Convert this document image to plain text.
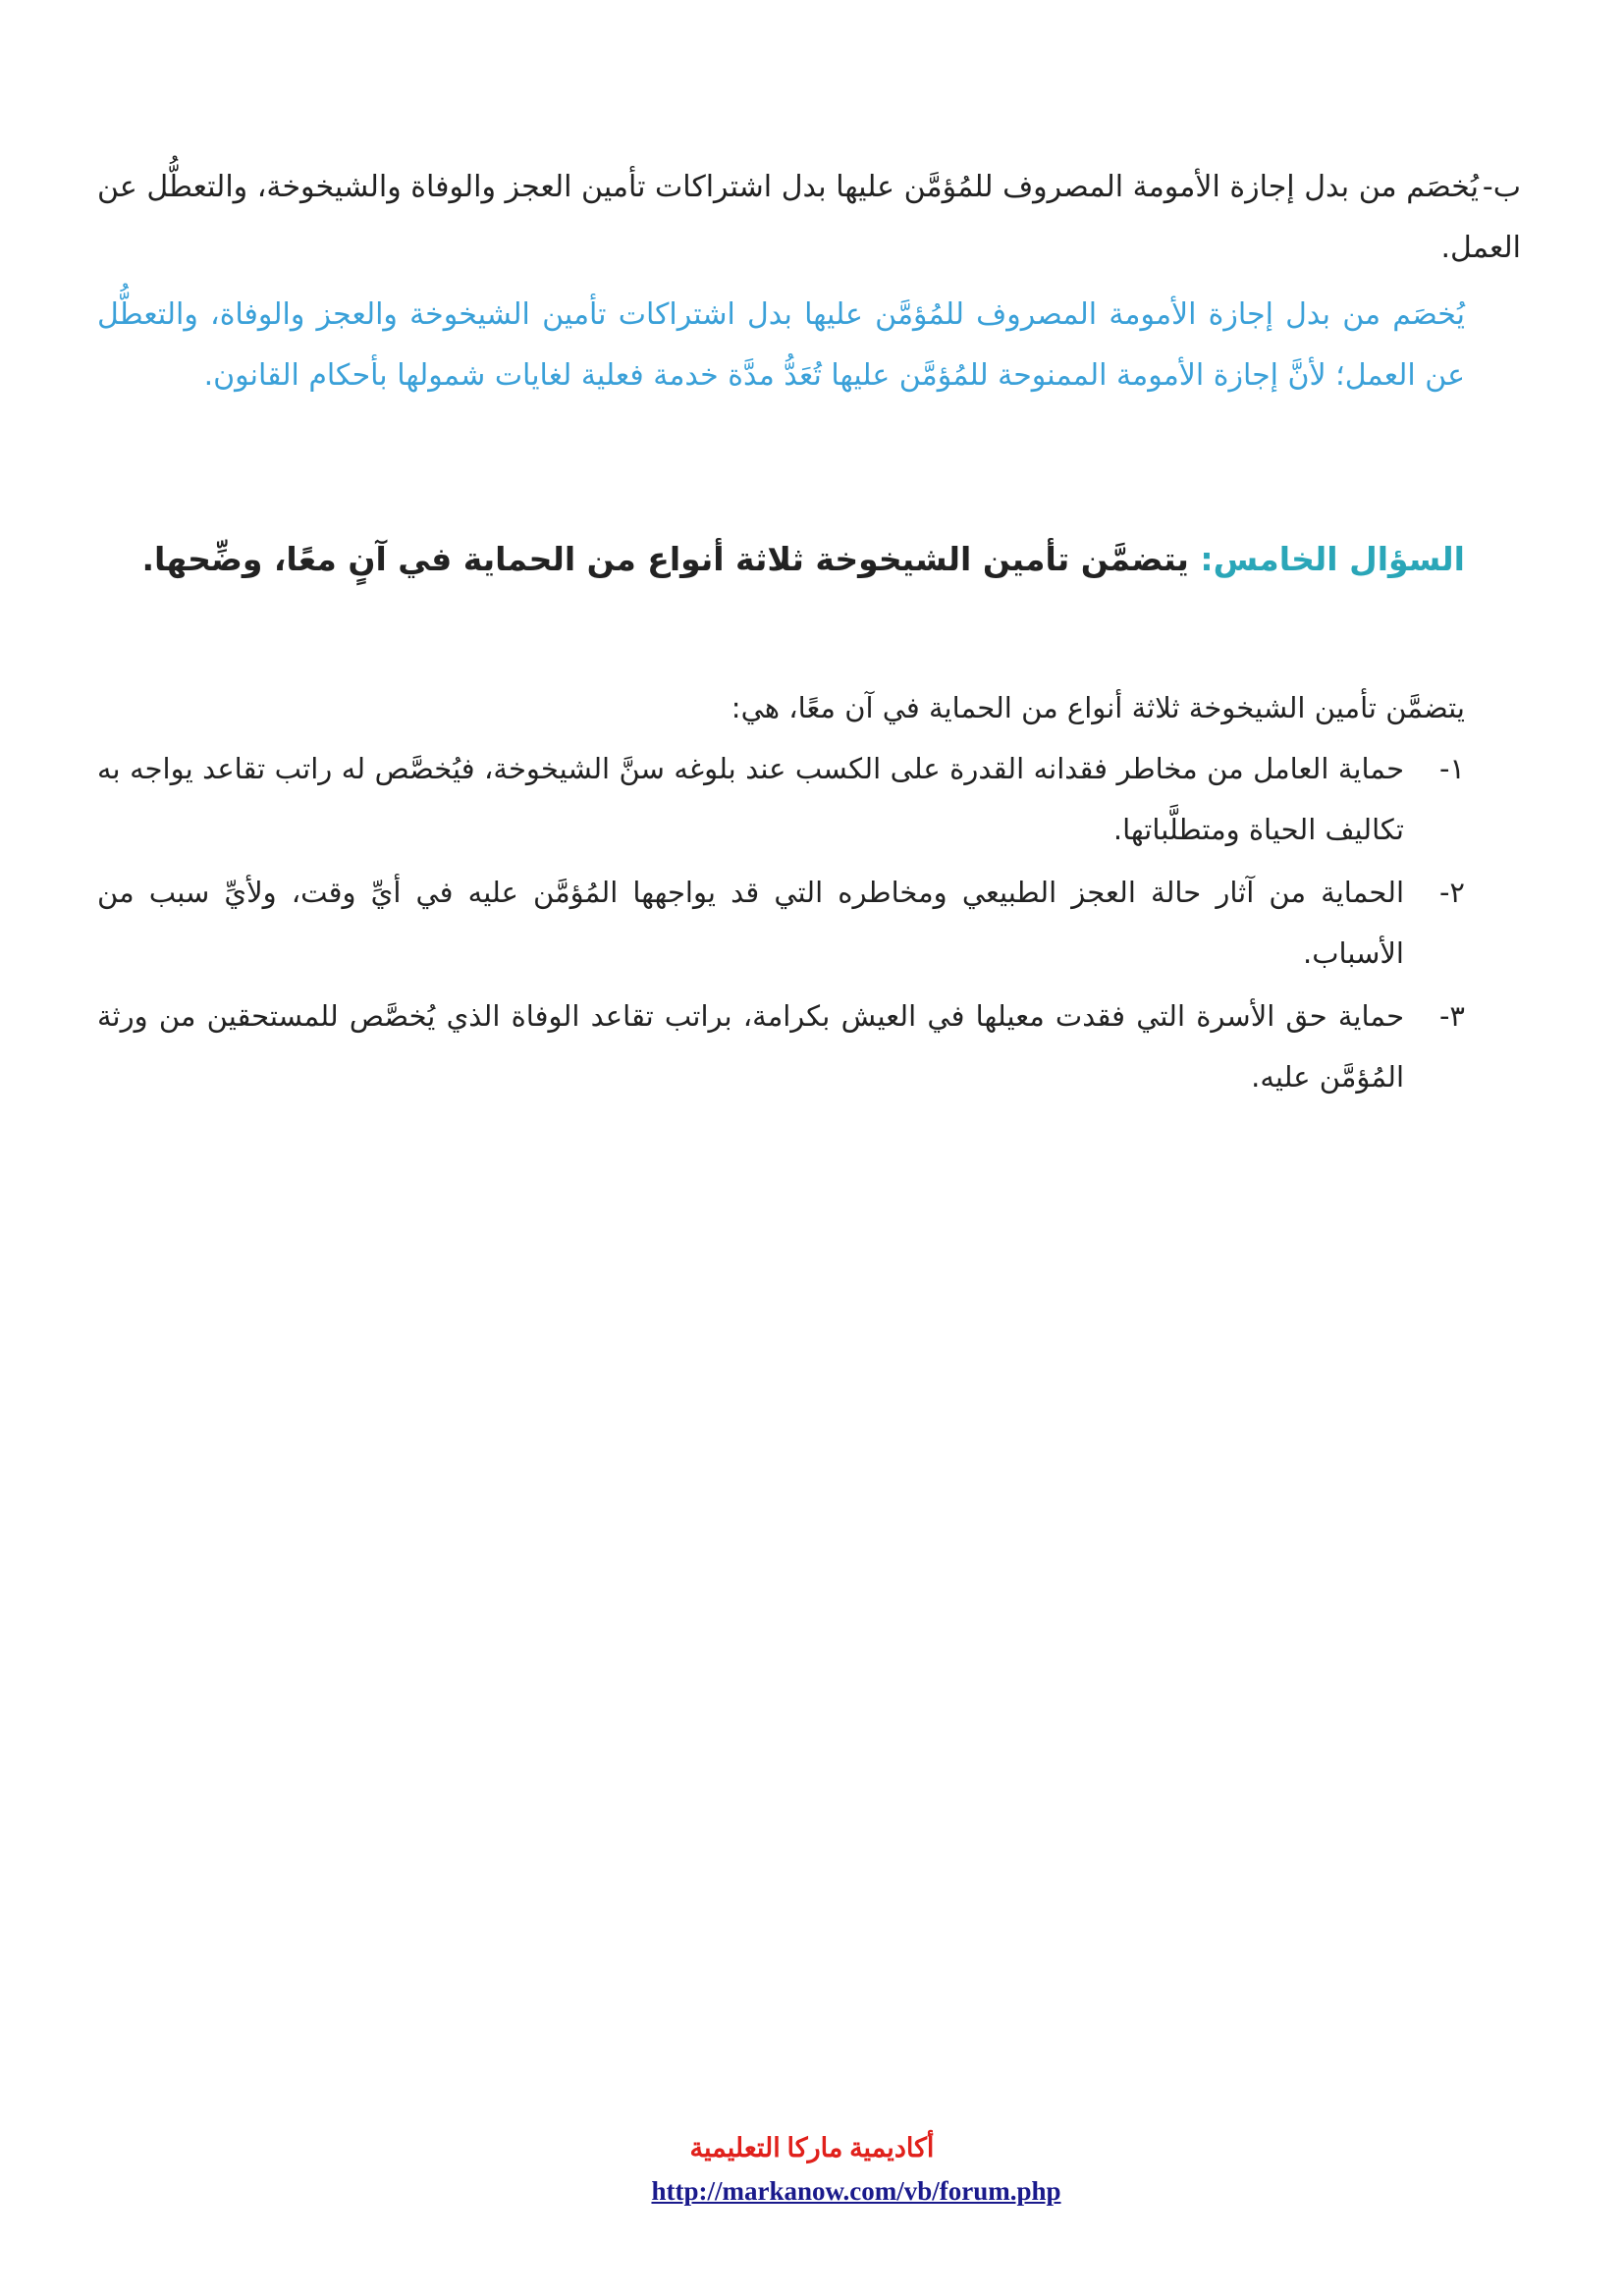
ب-يُخصَم من بدل إجازة الأمومة المصروف للمُؤمَّن عليها بدل اشتراكات تأمين العجز والوفاة والشيخوخة، والتعطُّل عن العمل.
يُخصَم من بدل إجازة الأمومة المصروف للمُؤمَّن عليها بدل اشتراكات تأمين الشيخوخة والعجز والوفاة، والتعطُّل عن العمل؛ لأنَّ إجازة الأمومة الممنوحة للمُؤمَّن عليها تُعَدُّ مدَّة خدمة فعلية لغايات شمولها بأحكام القانون.
السؤال الخامس: يتضمَّن تأمين الشيخوخة ثلاثة أنواع من الحماية في آنٍ معًا، وضِّحها.
يتضمَّن تأمين الشيخوخة ثلاثة أنواع من الحماية في آن معًا، هي:
١-
حماية العامل من مخاطر فقدانه القدرة على الكسب عند بلوغه سنَّ الشيخوخة، فيُخصَّص له راتب تقاعد يواجه به تكاليف الحياة ومتطلَّباتها.
٢-
الحماية من آثار حالة العجز الطبيعي ومخاطره التي قد يواجهها المُؤمَّن عليه في أيِّ وقت، ولأيِّ سبب من الأسباب.
٣-
حماية حق الأسرة التي فقدت معيلها في العيش بكرامة، براتب تقاعد الوفاة الذي يُخصَّص للمستحقين من ورثة المُؤمَّن عليه.
أكاديمية ماركا التعليمية
http://markanow.com/vb/forum.php
